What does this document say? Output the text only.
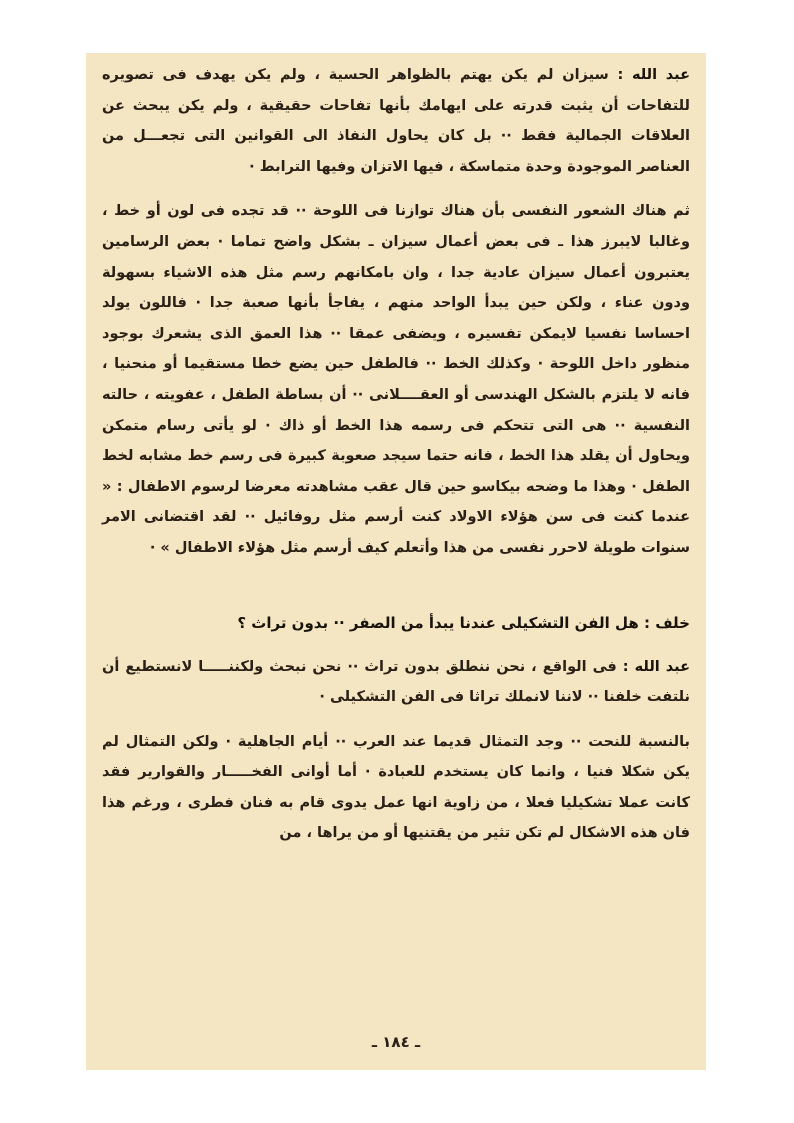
عبد الله : سيزان لم يكن يهتم بالظواهر الحسية ، ولم يكن يهدف فى تصويره للتفاحات أن يثبت قدرته على ايهامك بأنها تفاحات حقيقية ، ولم يكن يبحث عن العلاقات الجمالية فقط ·· بل كان يحاول النفاذ الى القوانين التى تجعـــل من العناصر الموجودة وحدة متماسكة ، فيها الاتزان وفيها الترابط ·

ثم هناك الشعور النفسى بأن هناك توازنا فى اللوحة ·· قد تجده فى لون أو خط ، وغالبا لايبرز هذا ـ فى بعض أعمال سيزان ـ بشكل واضح تماما · بعض الرسامين يعتبرون أعمال سيزان عادية جدا ، وان بامكانهم رسم مثل هذه الاشياء بسهولة ودون عناء ، ولكن حين يبدأ الواحد منهم ، يفاجأ بأنها صعبة جدا · فاللون يولد احساسا نفسيا لايمكن تفسيره ، ويضفى عمقا ·· هذا العمق الذى يشعرك بوجود منظور داخل اللوحة · وكذلك الخط ·· فالطفل حين يضع خطا مستقيما أو منحنيا ، فانه لا يلتزم بالشكل الهندسى أو العقــــلانى ·· أن بساطة الطفل ، عفويته ، حالته النفسية ·· هى التى تتحكم فى رسمه هذا الخط أو ذاك · لو يأتى رسام متمكن ويحاول أن يقلد هذا الخط ، فانه حتما سيجد صعوبة كبيرة فى رسم خط مشابه لخط الطفل · وهذا ما وضحه بيكاسو حين قال عقب مشاهدته معرضا لرسوم الاطفال : « عندما كنت فى سن هؤلاء الاولاد كنت أرسم مثل روفائيل ·· لقد اقتضانى الامر سنوات طويلة لاحرر نفسى من هذا وأتعلم كيف أرسم مثل هؤلاء الاطفال » ·

خلف : هل الفن التشكيلى عندنا يبدأ من الصفر ·· بدون تراث ؟

عبد الله : فى الواقع ، نحن ننطلق بدون تراث ·· نحن نبحث ولكننـــــا لانستطيع أن نلتفت خلفنا ·· لاننا لانملك تراثا فى الفن التشكيلى ·

بالنسبة للنحت ·· وجد التمثال قديما عند العرب ·· أيام الجاهلية · ولكن التمثال لم يكن شكلا فنيا ، وانما كان يستخدم للعبادة · أما أوانى الفخـــــار والقوارير فقد كانت عملا تشكيليا فعلا ، من زاوية انها عمل يدوى قام به فنان فطرى ، ورغم هذا فان هذه الاشكال لم تكن تثير من يقتنيها أو من يراها ، من

ـ ١٨٤ ـ
